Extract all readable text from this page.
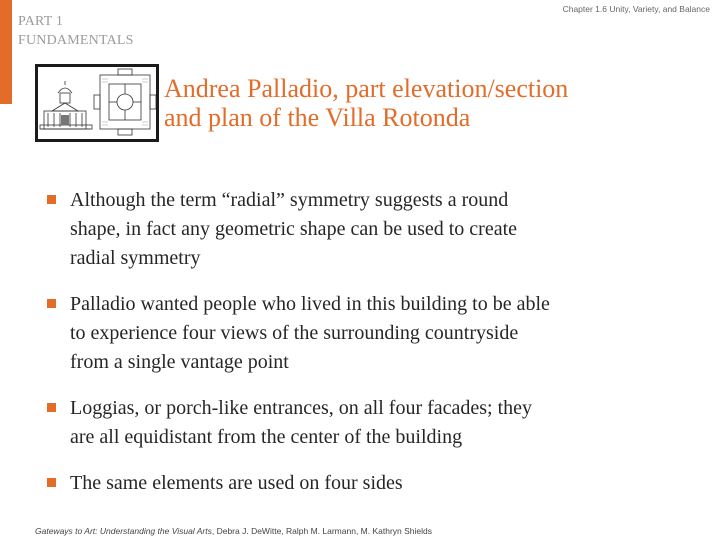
PART 1
FUNDAMENTALS
Chapter 1.6 Unity, Variety, and Balance
Andrea Palladio, part elevation/section
and plan of the Villa Rotonda
Although the term “radial” symmetry suggests a round
shape, in fact any geometric shape can be used to create
radial symmetry
Palladio wanted people who lived in this building to be able
to experience four views of the surrounding countryside
from a single vantage point
Loggias, or porch-like entrances, on all four facades; they
are all equidistant from the center of the building
The same elements are used on four sides
Gateways to Art: Understanding the Visual Arts, Debra J. DeWitte, Ralph M. Larmann, M. Kathryn Shields
